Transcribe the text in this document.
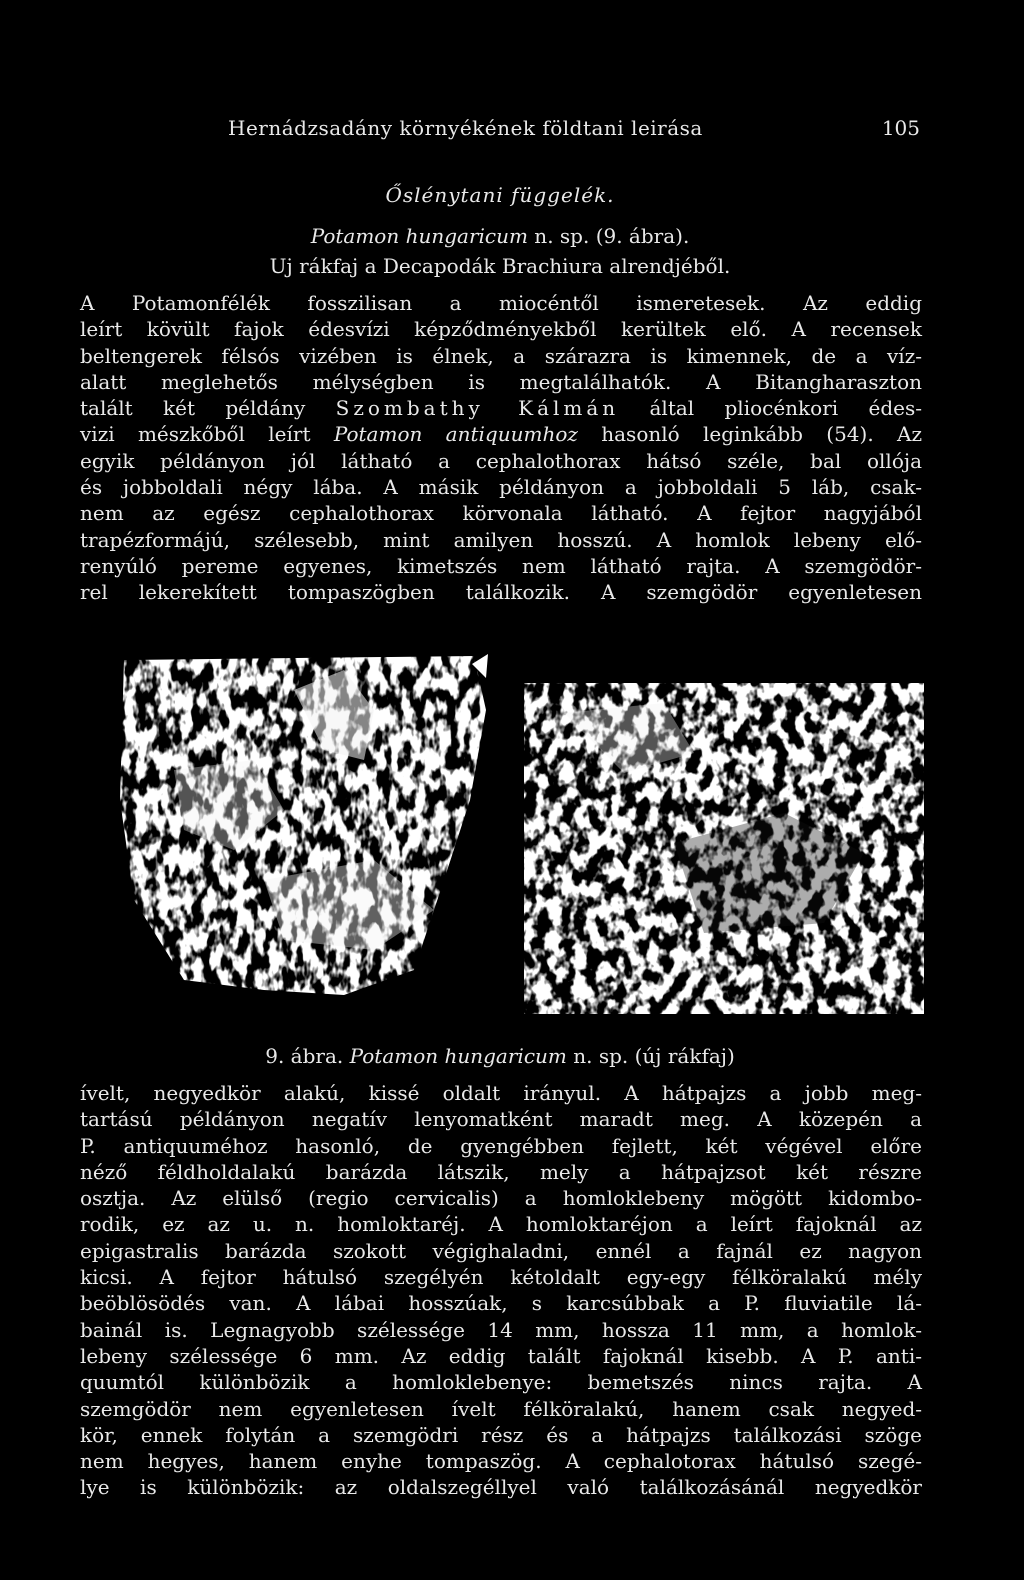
Hernádzsadány környékének földtani leirása	105
Őslénytani függelék.
Potamon hungaricum n. sp. (9. ábra).
Uj rákfaj a Decapodák Brachiura alrendjéből.
A Potamonfélék fosszilisan a miocéntől ismeretesek. Az eddig
leírt kövült fajok édesvízi képződményekből kerültek elő. A recensek
beltengerek félsós vizében is élnek, a szárazra is kimennek, de a víz-
alatt meglehetős mélységben is megtalálhatók. A Bitangharaszton
talált két példány Szombathy Kálmán által pliocénkori édes-
vizi mészkőből leírt Potamon antiquumhoz hasonló leginkább (54). Az
egyik példányon jól látható a cephalothorax hátsó széle, bal ollója
és jobboldali négy lába. A másik példányon a jobboldali 5 láb, csak-
nem az egész cephalothorax körvonala látható. A fejtor nagyjából
trapézformájú, szélesebb, mint amilyen hosszú. A homlok lebeny elő-
renyúló pereme egyenes, kimetszés nem látható rajta. A szemgödör-
rel lekerekített tompaszögben találkozik. A szemgödör egyenletesen
9. ábra. Potamon hungaricum n. sp. (új rákfaj)
ívelt, negyedkör alakú, kissé oldalt irányul. A hátpajzs a jobb meg-
tartású példányon negatív lenyomatként maradt meg. A közepén a
P. antiquuméhoz hasonló, de gyengébben fejlett, két végével előre
néző féldholdalakú barázda látszik, mely a hátpajzsot két részre
osztja. Az elülső (regio cervicalis) a homloklebeny mögött kidombo-
rodik, ez az u. n. homloktaréj. A homloktaréjon a leírt fajoknál az
epigastralis barázda szokott végighaladni, ennél a fajnál ez nagyon
kicsi. A fejtor hátulsó szegélyén kétoldalt egy-egy félköralakú mély
beöblösödés van. A lábai hosszúak, s karcsúbbak a P. fluviatile lá-
bainál is. Legnagyobb szélessége 14 mm, hossza 11 mm, a homlok-
lebeny szélessége 6 mm. Az eddig talált fajoknál kisebb. A P. anti-
quumtól különbözik a homloklebenye: bemetszés nincs rajta. A
szemgödör nem egyenletesen ívelt félköralakú, hanem csak negyed-
kör, ennek folytán a szemgödri rész és a hátpajzs találkozási szöge
nem hegyes, hanem enyhe tompaszög. A cephalotorax hátulsó szegé-
lye is különbözik: az oldalszegéllyel való találkozásánál negyedkör
